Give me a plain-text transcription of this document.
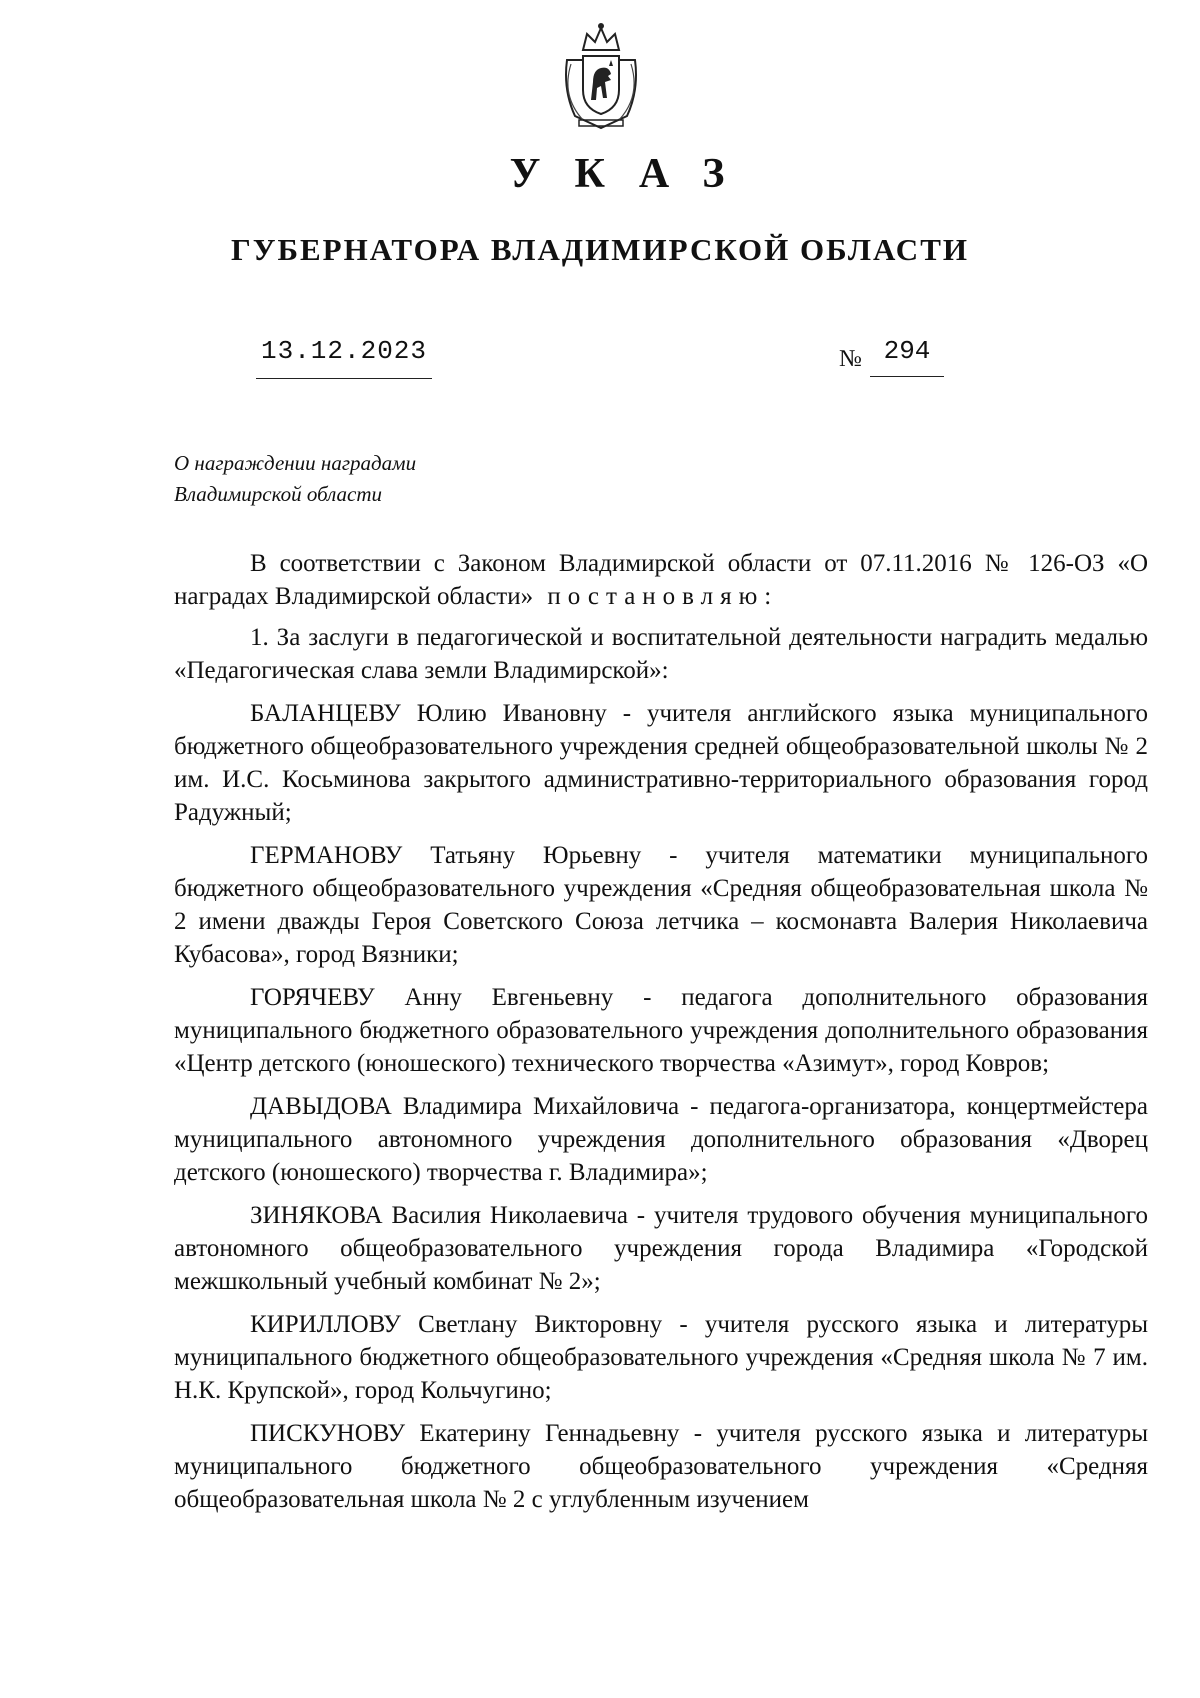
УКАЗ
ГУБЕРНАТОРА ВЛАДИМИРСКОЙ ОБЛАСТИ
13.12.2023	№ 294
О награждении наградами
Владимирской области

В соответствии с Законом Владимирской области от 07.11.2016 № 126-ОЗ «О наградах Владимирской области» постановляю:

1. За заслуги в педагогической и воспитательной деятельности наградить медалью «Педагогическая слава земли Владимирской»:

БАЛАНЦЕВУ Юлию Ивановну - учителя английского языка муниципального бюджетного общеобразовательного учреждения средней общеобразовательной школы № 2 им. И.С. Косьминова закрытого административно-территориального образования город Радужный;

ГЕРМАНОВУ Татьяну Юрьевну - учителя математики муниципального бюджетного общеобразовательного учреждения «Средняя общеобразовательная школа № 2 имени дважды Героя Советского Союза летчика – космонавта Валерия Николаевича Кубасова», город Вязники;

ГОРЯЧЕВУ Анну Евгеньевну - педагога дополнительного образования муниципального бюджетного образовательного учреждения дополнительного образования «Центр детского (юношеского) технического творчества «Азимут», город Ковров;

ДАВЫДОВА Владимира Михайловича - педагога-организатора, концертмейстера муниципального автономного учреждения дополнительного образования «Дворец детского (юношеского) творчества г. Владимира»;

ЗИНЯКОВА Василия Николаевича - учителя трудового обучения муниципального автономного общеобразовательного учреждения города Владимира «Городской межшкольный учебный комбинат № 2»;

КИРИЛЛОВУ Светлану Викторовну - учителя русского языка и литературы муниципального бюджетного общеобразовательного учреждения «Средняя школа № 7 им. Н.К. Крупской», город Кольчугино;

ПИСКУНОВУ Екатерину Геннадьевну - учителя русского языка и литературы муниципального бюджетного общеобразовательного учреждения «Средняя общеобразовательная школа № 2 с углубленным изучением
